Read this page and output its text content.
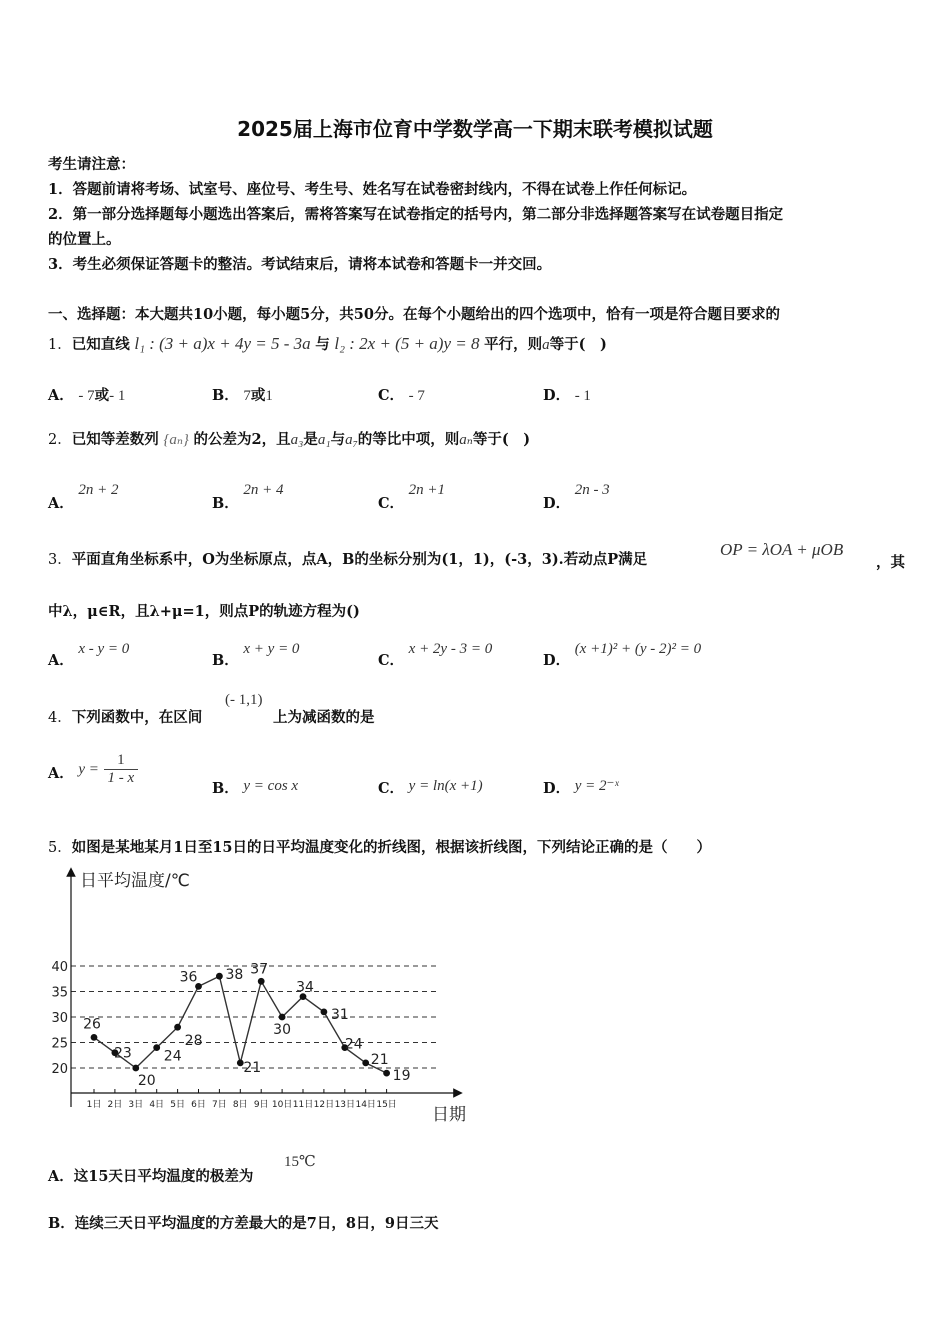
2025届上海市位育中学数学高一下期末联考模拟试题
考生请注意：
1．答题前请将考场、试室号、座位号、考生号、姓名写在试卷密封线内，不得在试卷上作任何标记。
2．第一部分选择题每小题选出答案后，需将答案写在试卷指定的括号内，第二部分非选择题答案写在试卷题目指定
的位置上。
3．考生必须保证答题卡的整洁。考试结束后，请将本试卷和答题卡一并交回。
一、选择题：本大题共10小题，每小题5分，共50分。在每个小题给出的四个选项中，恰有一项是符合题目要求的
1．已知直线 l₁ : (3 + a)x + 4y = 5 - 3a 与 l₂ : 2x + (5 + a)y = 8 平行，则a等于(　)
A． - 7或- 1	B． 7或1	C． - 7	D． - 1
2．已知等差数列 {aₙ} 的公差为2，且a₃是a₁与a₇的等比中项，则aₙ等于(　)
A． 2n + 2
B． 2n + 4
C． 2n +1
D． 2n - 3
3．平面直角坐标系中，O为坐标原点，点A，B的坐标分别为(1，1)，(-3，3).若动点P满足
OP = λOA + μOB
，其
中λ，μ∈R，且λ+μ=1，则点P的轨迹方程为()
A． x - y = 0
B． x + y = 0
C． x + 2y - 3 = 0
D． (x +1)² + (y - 2)² = 0
4．下列函数中，在区间
(- 1,1)
上为减函数的是
A． $y = \frac{1}{1 - x}$
B． y = cos x	C． y = ln(x +1)	D． y = 2⁻ˣ
5．如图是某地某月1日至15日的日平均温度变化的折线图，根据该折线图，下列结论正确的是（　　）
日平均温度/℃
日期
20
25
30
35
40
1日 2日 3日 4日 5日 6日 7日 8日 9日 10日 11日 12日 13日 14日 15日
26
23
20
24
28
36 38
21
37
30
34
31
24
21
19
A．这15天日平均温度的极差为
15℃
B．连续三天日平均温度的方差最大的是7日，8日，9日三天
